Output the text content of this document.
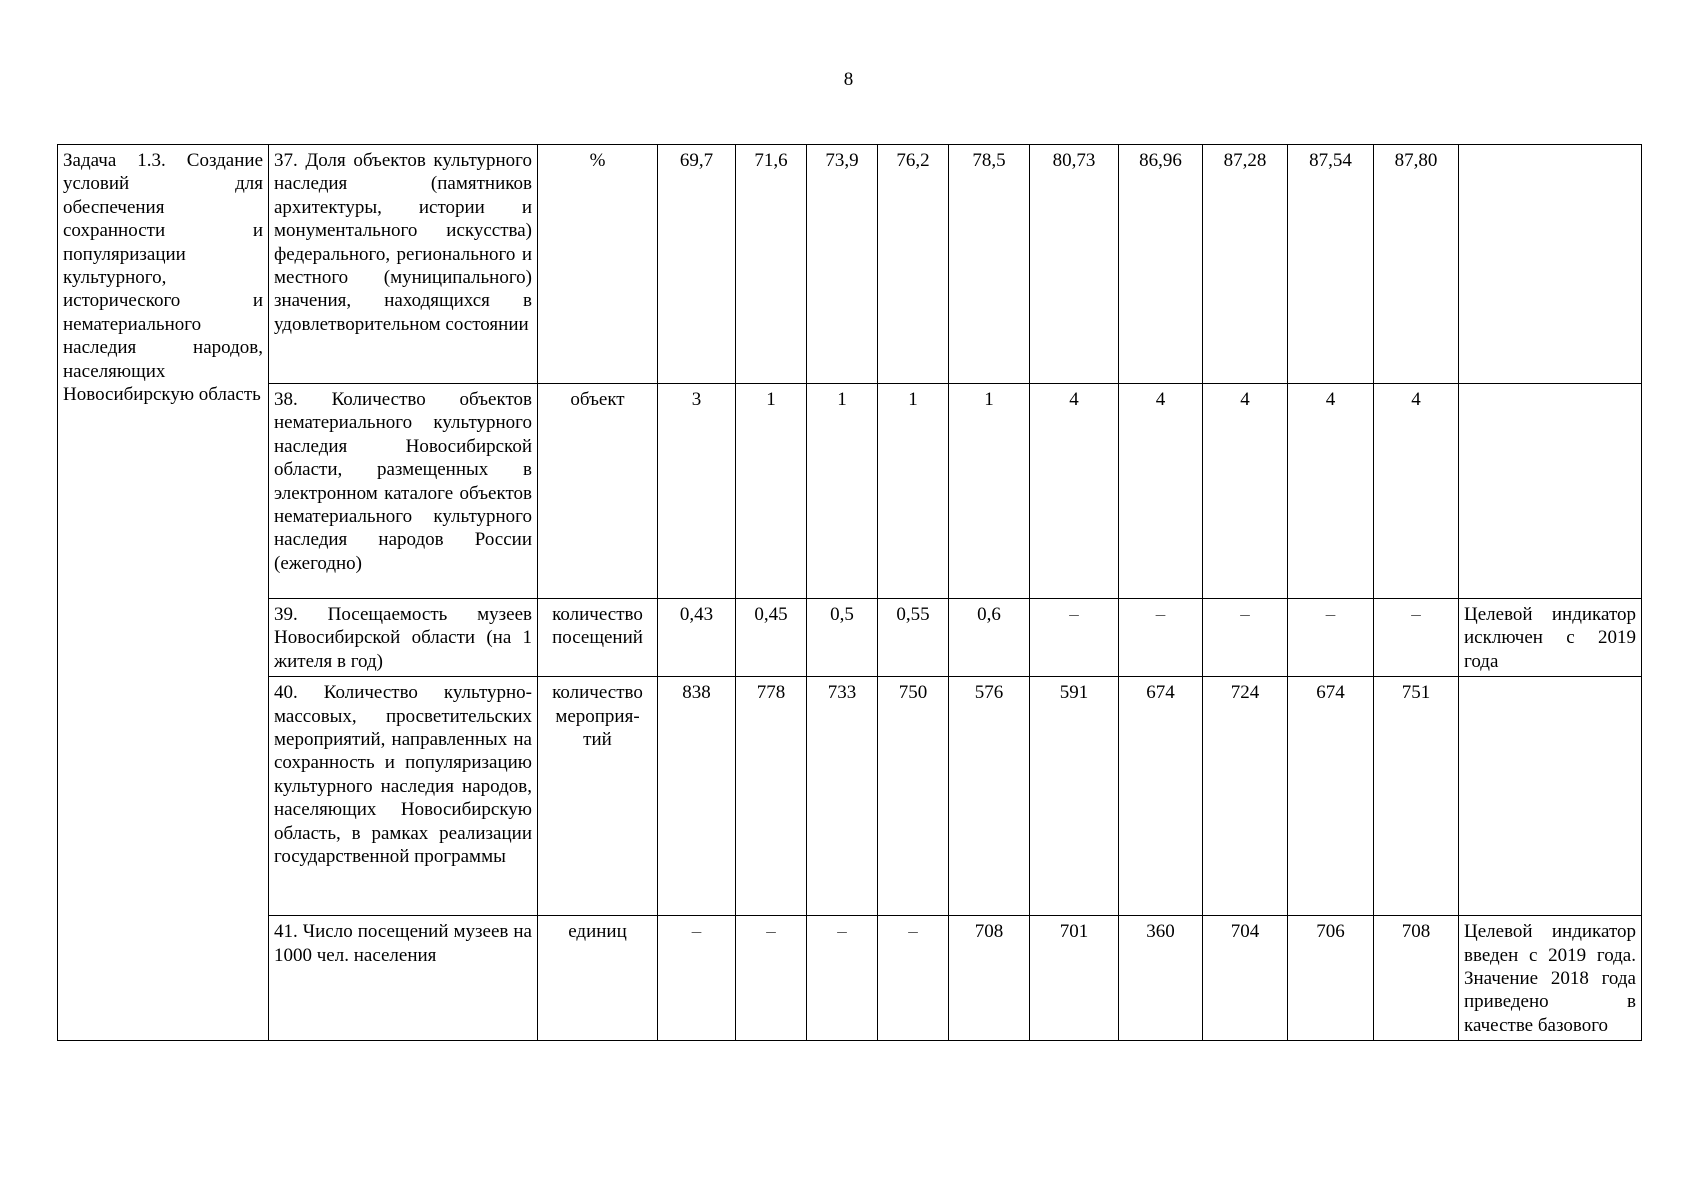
8
Задача 1.3. Создание условий для обеспечения сохранности и популяризации культурного, исторического и нематериального наследия народов, населяющих Новосибирскую область	37. Доля объектов культурного наследия (памятников архитектуры, истории и монументального искусства) федерального, регионального и местного (муниципального) значения, находящихся в удовлетворительном состоянии	%	69,7	71,6	73,9	76,2	78,5	80,73	86,96	87,28	87,54	87,80	
	38. Количество объектов нематериального культурного наследия Новосибирской области, размещенных в электронном каталоге объектов нематериального культурного наследия народов России (ежегодно)	объект	3	1	1	1	1	4	4	4	4	4	
	39. Посещаемость музеев Новосибирской области (на 1 жителя в год)	количество посещений	0,43	0,45	0,5	0,55	0,6	–	–	–	–	–	Целевой индикатор исключен с 2019 года
	40. Количество культурно-массовых, просветительских мероприятий, направленных на сохранность и популяризацию культурного наследия народов, населяющих Новосибирскую область, в рамках реализации государственной программы	количество мероприя-тий	838	778	733	750	576	591	674	724	674	751	
	41. Число посещений музеев на 1000 чел. населения	единиц	–	–	–	–	708	701	360	704	706	708	Целевой индикатор введен с 2019 года. Значение 2018 года приведено в качестве базового
